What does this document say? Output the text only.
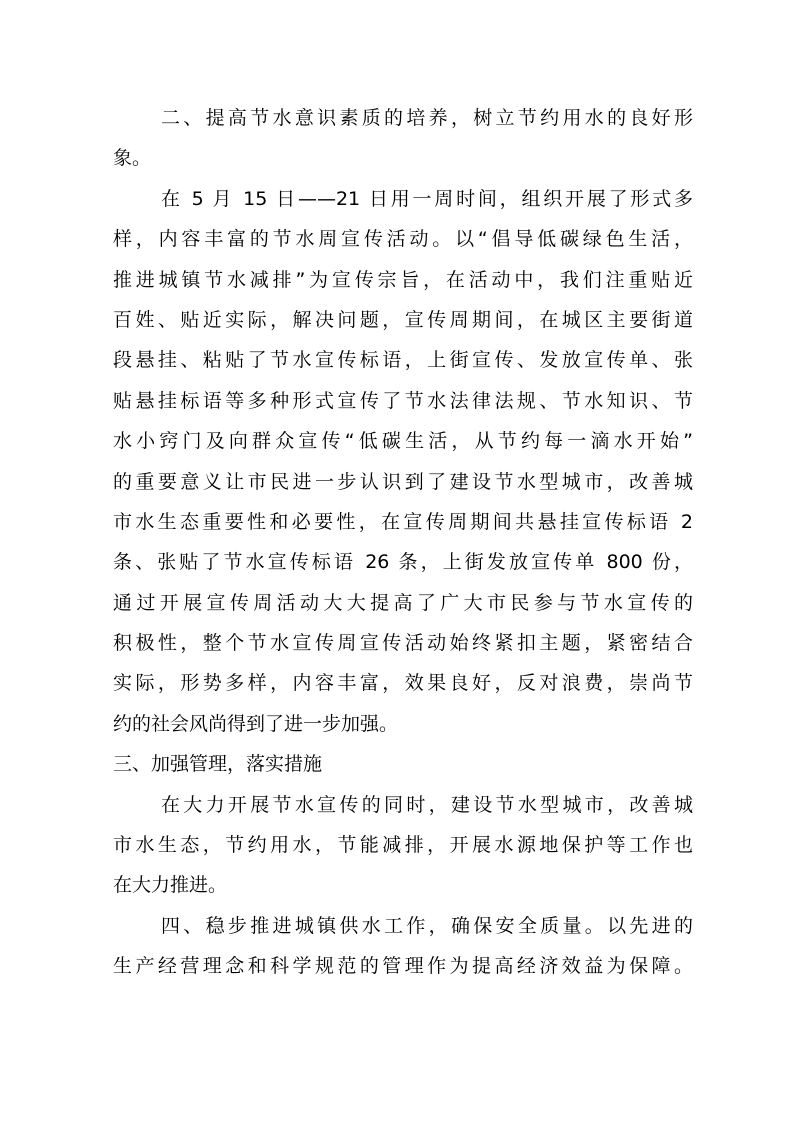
二、提高节水意识素质的培养，树立节约用水的良好形
象。
在 5 月 15 日——21 日用一周时间，组织开展了形式多
样，内容丰富的节水周宣传活动。以“倡导低碳绿色生活，
推进城镇节水减排”为宣传宗旨，在活动中，我们注重贴近
百姓、贴近实际，解决问题，宣传周期间，在城区主要街道
段悬挂、粘贴了节水宣传标语，上街宣传、发放宣传单、张
贴悬挂标语等多种形式宣传了节水法律法规、节水知识、节
水小窍门及向群众宣传“低碳生活，从节约每一滴水开始”
的重要意义让市民进一步认识到了建设节水型城市，改善城
市水生态重要性和必要性，在宣传周期间共悬挂宣传标语 2
条、张贴了节水宣传标语 26 条，上街发放宣传单 800 份，
通过开展宣传周活动大大提高了广大市民参与节水宣传的
积极性，整个节水宣传周宣传活动始终紧扣主题，紧密结合
实际，形势多样，内容丰富，效果良好，反对浪费，崇尚节
约的社会风尚得到了进一步加强。
三、加强管理，落实措施
在大力开展节水宣传的同时，建设节水型城市，改善城
市水生态，节约用水，节能减排，开展水源地保护等工作也
在大力推进。
四、稳步推进城镇供水工作，确保安全质量。以先进的
生产经营理念和科学规范的管理作为提高经济效益为保障。
